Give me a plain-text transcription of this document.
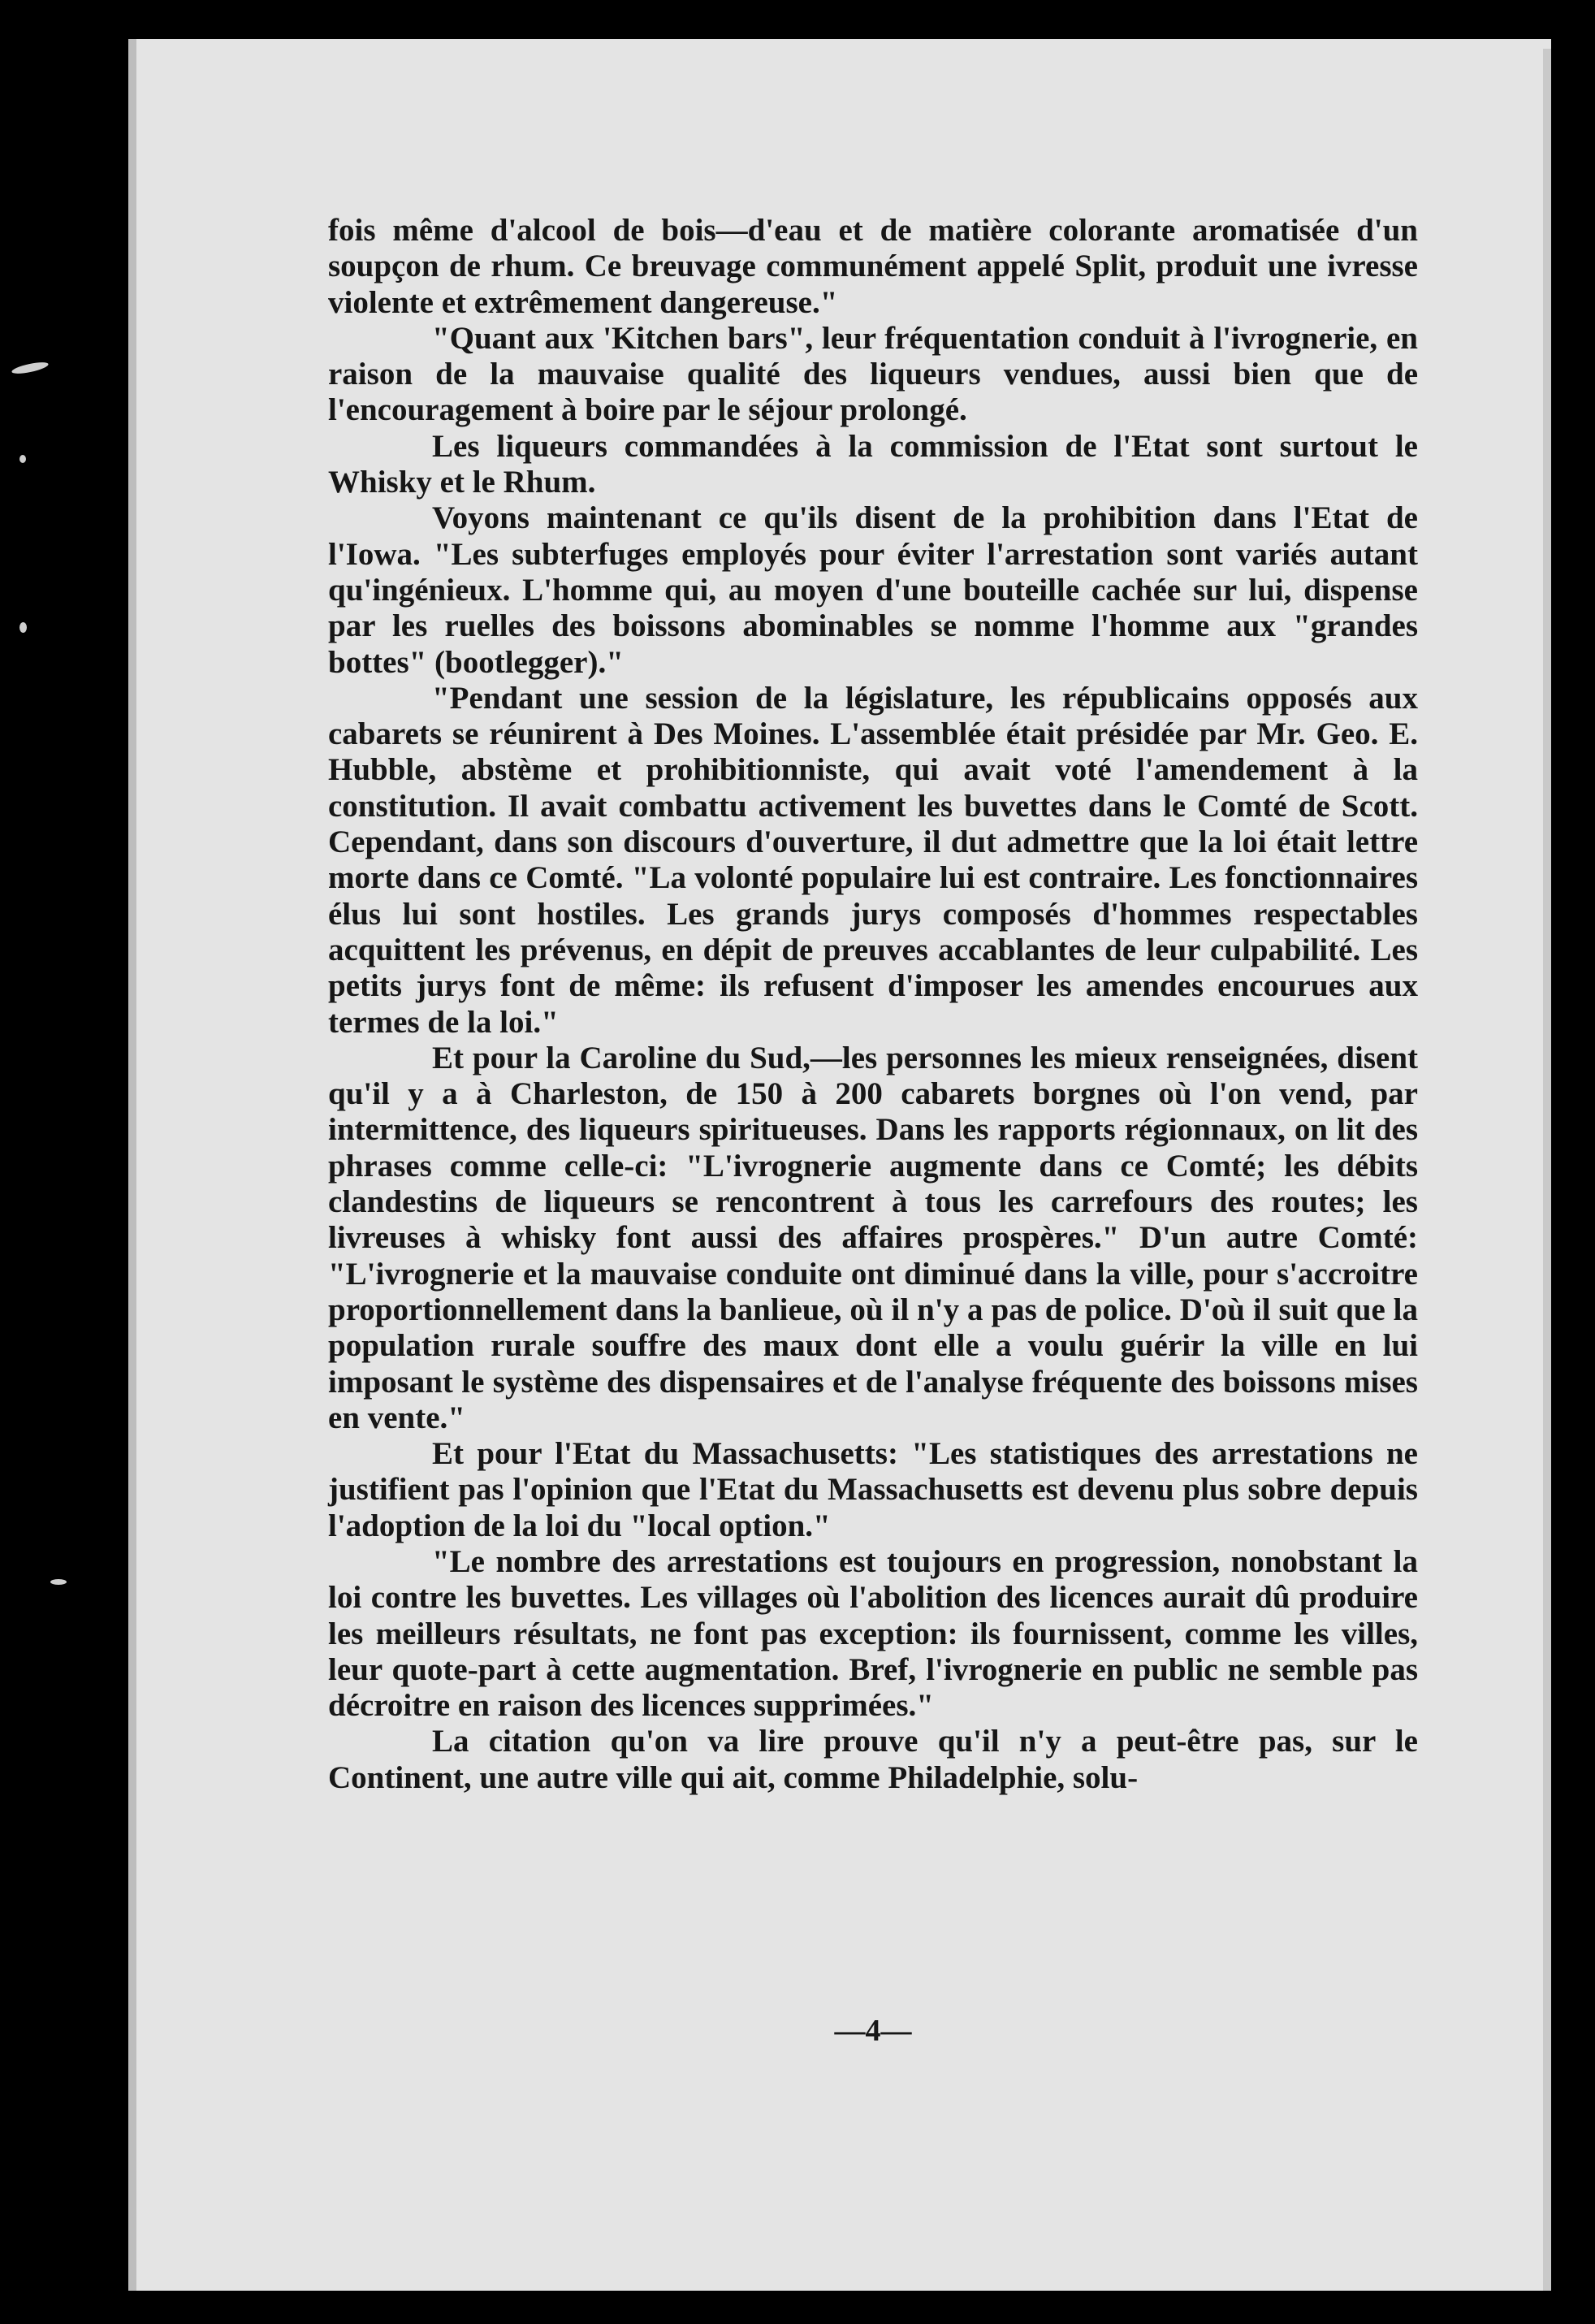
fois même d'alcool de bois—d'eau et de matière colorante aromatisée d'un soupçon de rhum. Ce breuvage communément appelé Split, produit une ivresse violente et extrêmement dangereuse."

"Quant aux 'Kitchen bars", leur fréquentation conduit à l'ivrognerie, en raison de la mauvaise qualité des liqueurs vendues, aussi bien que de l'encouragement à boire par le séjour prolongé.

Les liqueurs commandées à la commission de l'Etat sont surtout le Whisky et le Rhum.

Voyons maintenant ce qu'ils disent de la prohibition dans l'Etat de l'Iowa. "Les subterfuges employés pour éviter l'arrestation sont variés autant qu'ingénieux. L'homme qui, au moyen d'une bouteille cachée sur lui, dispense par les ruelles des boissons abominables se nomme l'homme aux "grandes bottes" (bootlegger)."

"Pendant une session de la législature, les républicains opposés aux cabarets se réunirent à Des Moines. L'assemblée était présidée par Mr. Geo. E. Hubble, abstème et prohibitionniste, qui avait voté l'amendement à la constitution. Il avait combattu activement les buvettes dans le Comté de Scott. Cependant, dans son discours d'ouverture, il dut admettre que la loi était lettre morte dans ce Comté. "La volonté populaire lui est contraire. Les fonctionnaires élus lui sont hostiles. Les grands jurys composés d'hommes respectables acquittent les prévenus, en dépit de preuves accablantes de leur culpabilité. Les petits jurys font de même: ils refusent d'imposer les amendes encourues aux termes de la loi."

Et pour la Caroline du Sud,—les personnes les mieux renseignées, disent qu'il y a à Charleston, de 150 à 200 cabarets borgnes où l'on vend, par intermittence, des liqueurs spiritueuses. Dans les rapports régionnaux, on lit des phrases comme celle-ci: "L'ivrognerie augmente dans ce Comté; les débits clandestins de liqueurs se rencontrent à tous les carrefours des routes; les livreuses à whisky font aussi des affaires prospères." D'un autre Comté: "L'ivrognerie et la mauvaise conduite ont diminué dans la ville, pour s'accroitre proportionnellement dans la banlieue, où il n'y a pas de police. D'où il suit que la population rurale souffre des maux dont elle a voulu guérir la ville en lui imposant le système des dispensaires et de l'analyse fréquente des boissons mises en vente."

Et pour l'Etat du Massachusetts: "Les statistiques des arrestations ne justifient pas l'opinion que l'Etat du Massachusetts est devenu plus sobre depuis l'adoption de la loi du "local option."

"Le nombre des arrestations est toujours en progression, nonobstant la loi contre les buvettes. Les villages où l'abolition des licences aurait dû produire les meilleurs résultats, ne font pas exception: ils fournissent, comme les villes, leur quote-part à cette augmentation. Bref, l'ivrognerie en public ne semble pas décroitre en raison des licences supprimées."

La citation qu'on va lire prouve qu'il n'y a peut-être pas, sur le Continent, une autre ville qui ait, comme Philadelphie, solu-

—4—
